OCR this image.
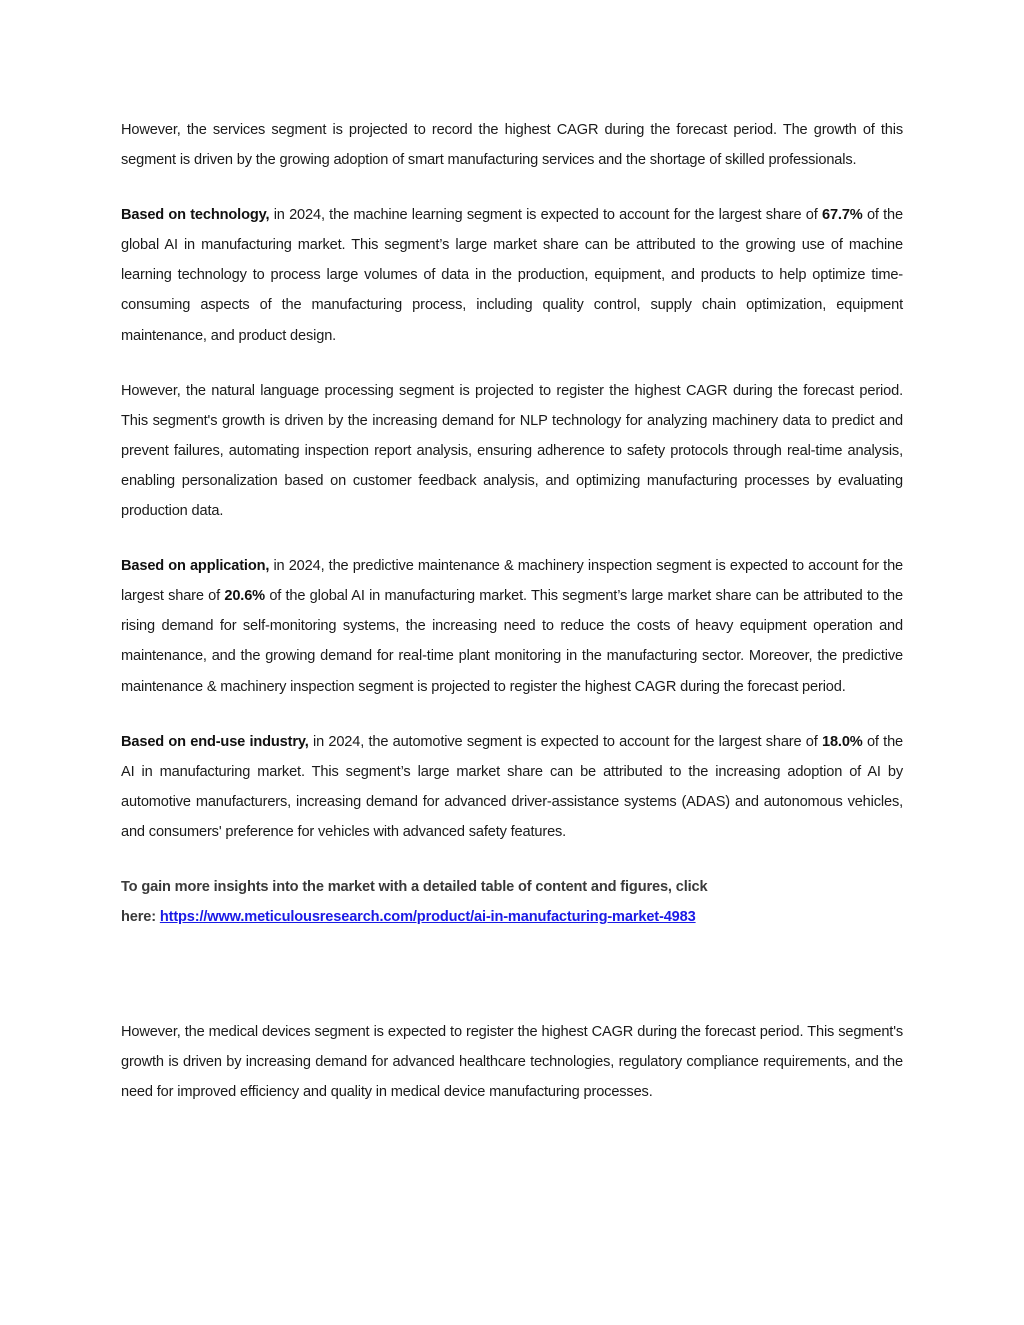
However, the services segment is projected to record the highest CAGR during the forecast period. The growth of this segment is driven by the growing adoption of smart manufacturing services and the shortage of skilled professionals.

Based on technology, in 2024, the machine learning segment is expected to account for the largest share of 67.7% of the global AI in manufacturing market. This segment’s large market share can be attributed to the growing use of machine learning technology to process large volumes of data in the production, equipment, and products to help optimize time-consuming aspects of the manufacturing process, including quality control, supply chain optimization, equipment maintenance, and product design.

However, the natural language processing segment is projected to register the highest CAGR during the forecast period. This segment's growth is driven by the increasing demand for NLP technology for analyzing machinery data to predict and prevent failures, automating inspection report analysis, ensuring adherence to safety protocols through real-time analysis, enabling personalization based on customer feedback analysis, and optimizing manufacturing processes by evaluating production data.

Based on application, in 2024, the predictive maintenance & machinery inspection segment is expected to account for the largest share of 20.6% of the global AI in manufacturing market. This segment’s large market share can be attributed to the rising demand for self-monitoring systems, the increasing need to reduce the costs of heavy equipment operation and maintenance, and the growing demand for real-time plant monitoring in the manufacturing sector. Moreover, the predictive maintenance & machinery inspection segment is projected to register the highest CAGR during the forecast period.

Based on end-use industry, in 2024, the automotive segment is expected to account for the largest share of 18.0% of the AI in manufacturing market. This segment’s large market share can be attributed to the increasing adoption of AI by automotive manufacturers, increasing demand for advanced driver-assistance systems (ADAS) and autonomous vehicles, and consumers' preference for vehicles with advanced safety features.

To gain more insights into the market with a detailed table of content and figures, click
here: https://www.meticulousresearch.com/product/ai-in-manufacturing-market-4983

However, the medical devices segment is expected to register the highest CAGR during the forecast period. This segment's growth is driven by increasing demand for advanced healthcare technologies, regulatory compliance requirements, and the need for improved efficiency and quality in medical device manufacturing processes.
